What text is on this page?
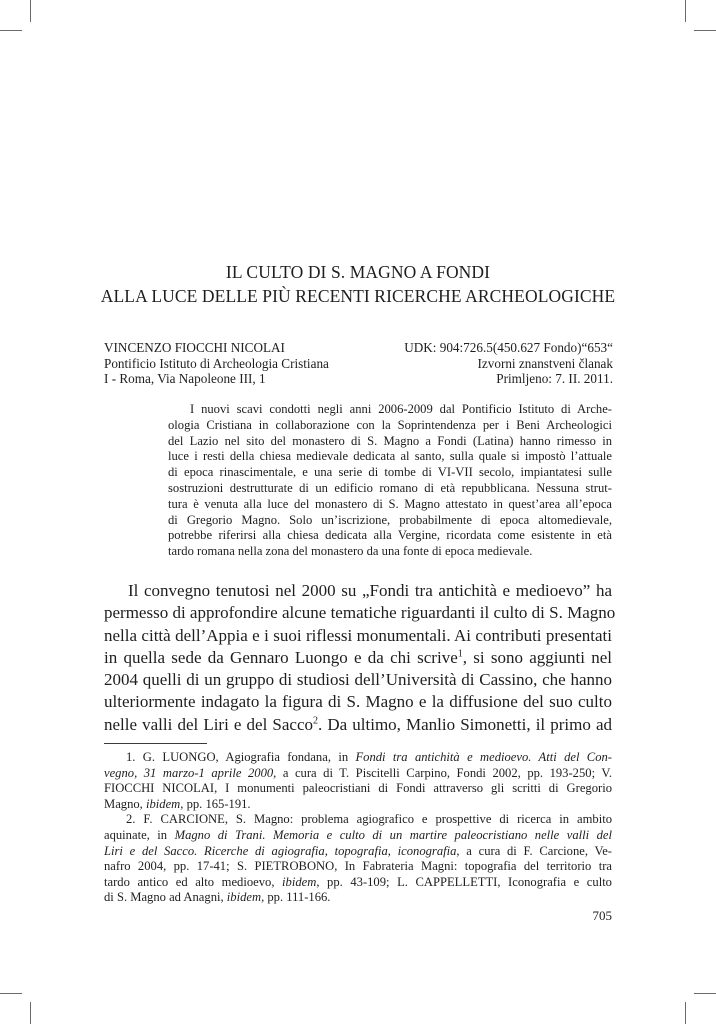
IL CULTO DI S. MAGNO A FONDI
ALLA LUCE DELLE PIÙ RECENTI RICERCHE ARCHEOLOGICHE
VINCENZO FIOCCHI NICOLAI
Pontificio Istituto di Archeologia Cristiana
I - Roma, Via Napoleone III, 1
UDK: 904:726.5(450.627 Fondo)“653“
Izvorni znanstveni članak
Primljeno: 7. II. 2011.
I nuovi scavi condotti negli anni 2006-2009 dal Pontificio Istituto di Arche-
ologia Cristiana in collaborazione con la Soprintendenza per i Beni Archeologici
del Lazio nel sito del monastero di S. Magno a Fondi (Latina) hanno rimesso in
luce i resti della chiesa medievale dedicata al santo, sulla quale si impostò l’attuale
di epoca rinascimentale, e una serie di tombe di VI-VII secolo, impiantatesi sulle
sostruzioni destrutturate di un edificio romano di età repubblicana. Nessuna strut-
tura è venuta alla luce del monastero di S. Magno attestato in quest’area all’epoca
di Gregorio Magno. Solo un’iscrizione, probabilmente di epoca altomedievale,
potrebbe riferirsi alla chiesa dedicata alla Vergine, ricordata come esistente in età
tardo romana nella zona del monastero da una fonte di epoca medievale.
Il convegno tenutosi nel 2000 su „Fondi tra antichità e medioevo” ha
permesso di approfondire alcune tematiche riguardanti il culto di S. Magno
nella città dell’Appia e i suoi riflessi monumentali. Ai contributi presentati
in quella sede da Gennaro Luongo e da chi scrive$^1$, si sono aggiunti nel
2004 quelli di un gruppo di studiosi dell’Università di Cassino, che hanno
ulteriormente indagato la figura di S. Magno e la diffusione del suo culto
nelle valli del Liri e del Sacco$^2$. Da ultimo, Manlio Simonetti, il primo ad
1. G. LUONGO, Agiografia fondana, in Fondi tra antichità e medioevo. Atti del Con-
vegno, 31 marzo-1 aprile 2000, a cura di T. Piscitelli Carpino, Fondi 2002, pp. 193-250; V.
FIOCCHI NICOLAI, I monumenti paleocristiani di Fondi attraverso gli scritti di Gregorio
Magno, ibidem, pp. 165-191.
2. F. CARCIONE, S. Magno: problema agiografico e prospettive di ricerca in ambito
aquinate, in Magno di Trani. Memoria e culto di un martire paleocristiano nelle valli del
Liri e del Sacco. Ricerche di agiografia, topografia, iconografia, a cura di F. Carcione, Ve-
nafro 2004, pp. 17-41; S. PIETROBONO, In Fabrateria Magni: topografia del territorio tra
tardo antico ed alto medioevo, ibidem, pp. 43-109; L. CAPPELLETTI, Iconografia e culto
di S. Magno ad Anagni, ibidem, pp. 111-166.
705
